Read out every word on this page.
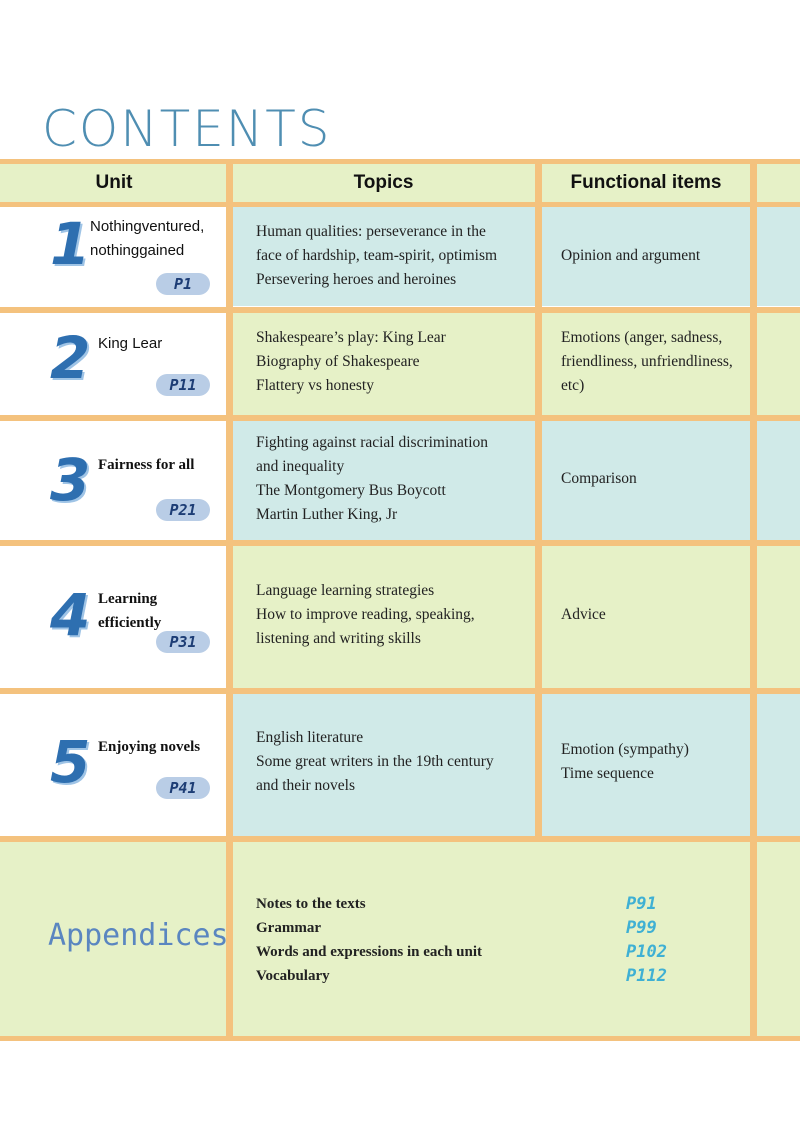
CONTENTS
Unit	Topics	Functional items
1 Nothingventured,
nothinggained
P1
Human qualities: perseverance in the
face of hardship, team-spirit, optimism
Persevering heroes and heroines
Opinion and argument
2 King Lear
P11
Shakespeare’s play: King Lear
Biography of Shakespeare
Flattery vs honesty
Emotions (anger, sadness,
friendliness, unfriendliness,
etc)
3 Fairness for all
P21
Fighting against racial discrimination
and inequality
The Montgomery Bus Boycott
Martin Luther King, Jr
Comparison
4 Learning
efficiently
P31
Language learning strategies
How to improve reading, speaking,
listening and writing skills
Advice
5 Enjoying novels
P41
English literature
Some great writers in the 19th century
and their novels
Emotion (sympathy)
Time sequence
Appendices
Notes to the texts
Grammar
Words and expressions in each unit
Vocabulary
P91
P99
P102
P112
